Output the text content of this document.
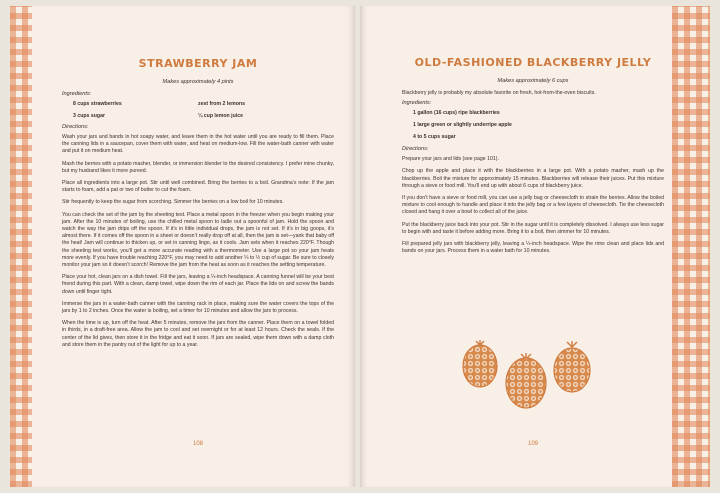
STRAWBERRY JAM
Makes approximately 4 pints
Ingredients:
8 cups strawberries	zest from 2 lemons
3 cups sugar	¼ cup lemon juice
Directions:

Wash your jars and bands in hot soapy water, and leave them in the hot water until you are ready to fill them. Place the canning lids in a saucepan, cover them with water, and heat on medium-low. Fill the water-bath canner with water and put it on medium heat.

Mash the berries with a potato masher, blender, or immersion blender to the desired consistency. I prefer mine chunky, but my husband likes it more pureed.

Place all ingredients into a large pot. Stir until well combined. Bring the berries to a boil. Grandma’s note: If the jam starts to foam, add a pat or two of butter to cut the foam.

Stir frequently to keep the sugar from scorching. Simmer the berries on a low boil for 10 minutes.

You can check the set of the jam by the sheeting test. Place a metal spoon in the freezer when you begin making your jam. After the 10 minutes of boiling, use the chilled metal spoon to ladle out a spoonful of jam. Hold the spoon and watch the way the jam drips off the spoon. If it’s in little individual drops, the jam is not set. If it’s in big goops, it’s almost there. If it comes off the spoon in a sheet or doesn’t really drop off at all, then the jam is set—yank that baby off the heat! Jam will continue to thicken up, or set in canning lingo, as it cools. Jam sets when it reaches 220°F. Though the sheeting test works, you’ll get a more accurate reading with a thermometer. Use a large pot so your jam heats more evenly. If you have trouble reaching 220°F, you may need to add another ¼ to ½ cup of sugar. Be sure to closely monitor your jam so it doesn’t scorch! Remove the jam from the heat as soon as it reaches the setting temperature.

Place your hot, clean jars on a dish towel. Fill the jars, leaving a ¼-inch headspace. A canning funnel will be your best friend during this part. With a clean, damp towel, wipe down the rim of each jar. Place the lids on and screw the bands down until finger tight.

Immerse the jars in a water-bath canner with the canning rack in place, making sure the water covers the tops of the jars by 1 to 2 inches. Once the water is boiling, set a timer for 10 minutes and allow the jars to process.

When the time is up, turn off the heat. After 5 minutes, remove the jars from the canner. Place them on a towel folded in thirds, in a draft-free area. Allow the jam to cool and set overnight or for at least 12 hours. Check the seals. If the center of the lid gives, then store it in the fridge and eat it soon. If jars are sealed, wipe them down with a damp cloth and store them in the pantry out of the light for up to a year.

108
OLD-FASHIONED BLACKBERRY JELLY
Makes approximately 6 cups

Blackberry jelly is probably my absolute favorite on fresh, hot-from-the-oven biscuits.

Ingredients:
1 gallon (16 cups) ripe blackberries
1 large green or slightly underripe apple
4 to 5 cups sugar
Directions:

Prepare your jars and lids (see page 101).

Chop up the apple and place it with the blackberries in a large pot. With a potato masher, mash up the blackberries. Boil the mixture for approximately 15 minutes. Blackberries will release their juices. Put this mixture through a sieve or food mill. You’ll end up with about 6 cups of blackberry juice.

If you don’t have a sieve or food mill, you can use a jelly bag or cheesecloth to strain the berries. Allow the boiled mixture to cool enough to handle and place it into the jelly bag or a few layers of cheesecloth. Tie the cheesecloth closed and hang it over a bowl to collect all of the juice.

Put the blackberry juice back into your pot. Stir in the sugar until it is completely dissolved. I always use less sugar to begin with and taste it before adding more. Bring it to a boil, then simmer for 10 minutes.

Fill prepared jelly jars with blackberry jelly, leaving a ¼-inch headspace. Wipe the rims clean and place lids and bands on your jars. Process them in a water bath for 10 minutes.

109
